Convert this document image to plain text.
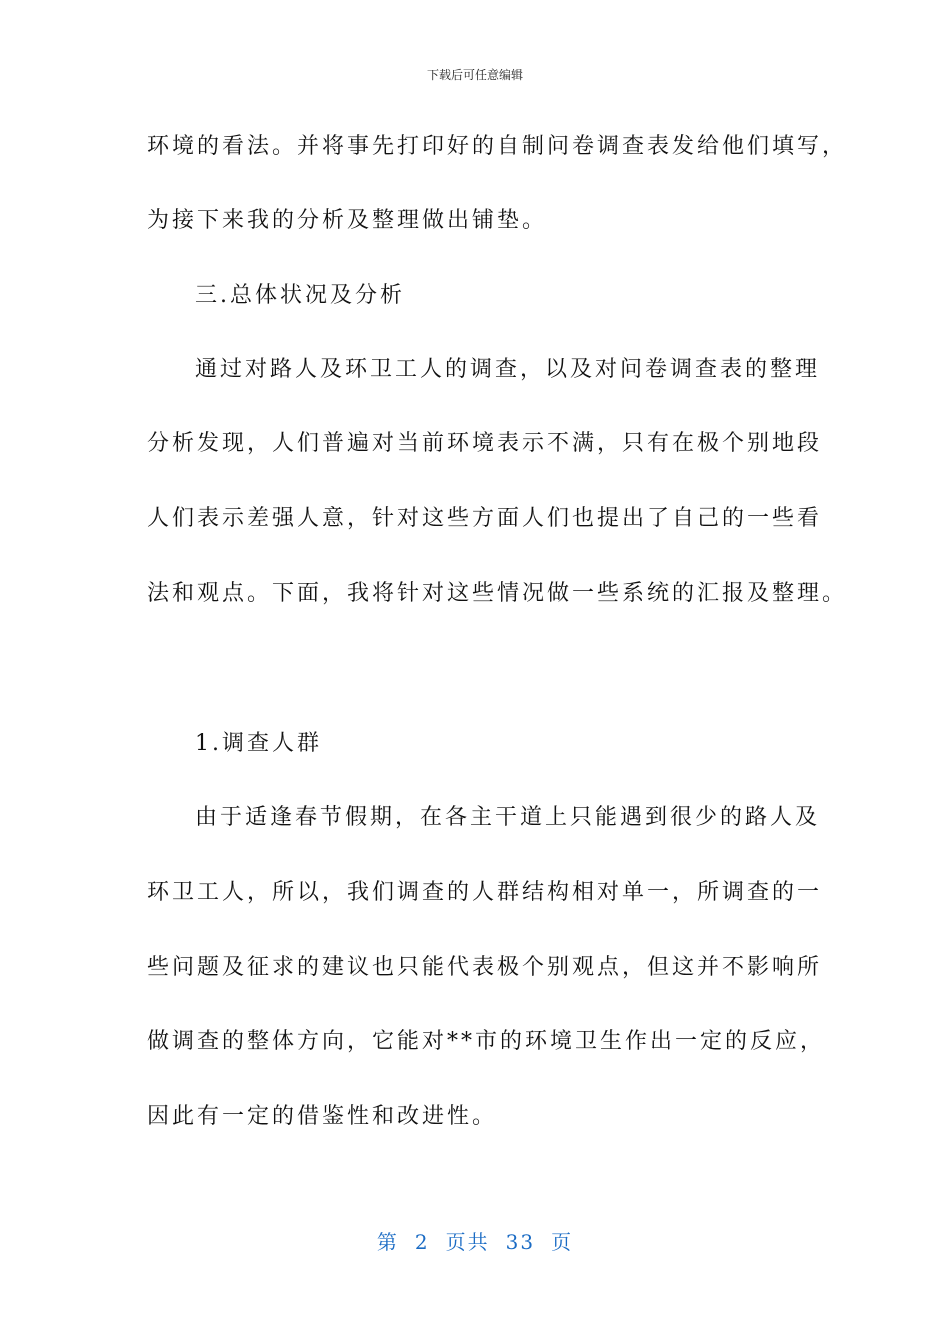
下载后可任意编辑
环境的看法。并将事先打印好的自制问卷调查表发给他们填写，
为接下来我的分析及整理做出铺垫。
三.总体状况及分析
通过对路人及环卫工人的调查，以及对问卷调查表的整理
分析发现，人们普遍对当前环境表示不满，只有在极个别地段
人们表示差强人意，针对这些方面人们也提出了自己的一些看
法和观点。下面，我将针对这些情况做一些系统的汇报及整理。
1.调查人群
由于适逢春节假期，在各主干道上只能遇到很少的路人及
环卫工人，所以，我们调查的人群结构相对单一，所调查的一
些问题及征求的建议也只能代表极个别观点，但这并不影响所
做调查的整体方向，它能对**市的环境卫生作出一定的反应，
因此有一定的借鉴性和改进性。
第 2 页共 33 页
